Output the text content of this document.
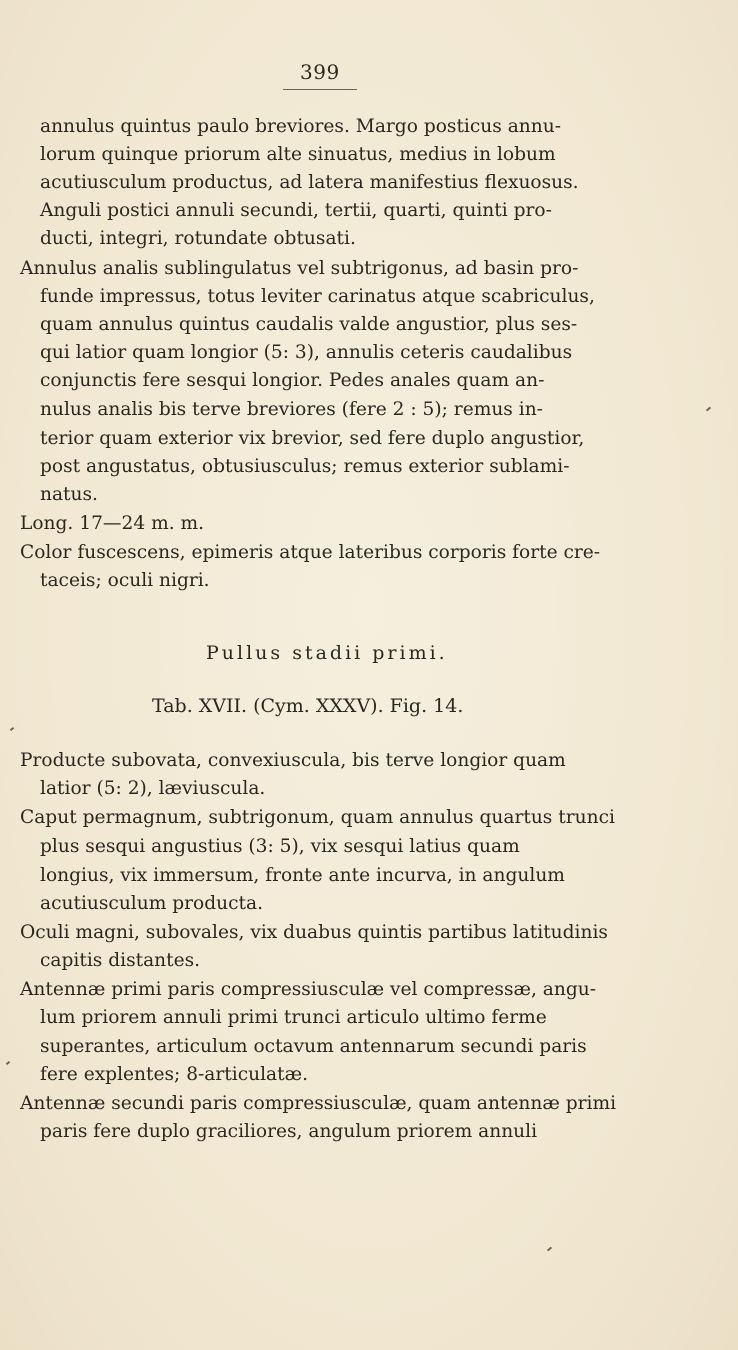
399
annulus quintus paulo breviores. Margo posticus annu-
lorum quinque priorum alte sinuatus, medius in lobum
acutiusculum productus, ad latera manifestius flexuosus.
Anguli postici annuli secundi, tertii, quarti, quinti pro-
ducti, integri, rotundate obtusati.
Annulus analis sublingulatus vel subtrigonus, ad basin pro-
funde impressus, totus leviter carinatus atque scabriculus,
quam annulus quintus caudalis valde angustior, plus ses-
qui latior quam longior (5: 3), annulis ceteris caudalibus
conjunctis fere sesqui longior. Pedes anales quam an-
nulus analis bis terve breviores (fere 2 : 5); remus in-
terior quam exterior vix brevior, sed fere duplo angustior,
post angustatus, obtusiusculus; remus exterior sublami-
natus.
Long. 17—24 m. m.
Color fuscescens, epimeris atque lateribus corporis forte cre-
taceis; oculi nigri.
Pullus stadii primi.
Tab. XVII. (Cym. XXXV). Fig. 14.
Producte subovata, convexiuscula, bis terve longior quam
latior (5: 2), læviuscula.
Caput permagnum, subtrigonum, quam annulus quartus trunci
plus sesqui angustius (3: 5), vix sesqui latius quam
longius, vix immersum, fronte ante incurva, in angulum
acutiusculum producta.
Oculi magni, subovales, vix duabus quintis partibus latitudinis
capitis distantes.
Antennæ primi paris compressiusculæ vel compressæ, angu-
lum priorem annuli primi trunci articulo ultimo ferme
superantes, articulum octavum antennarum secundi paris
fere explentes; 8-articulatæ.
Antennæ secundi paris compressiusculæ, quam antennæ primi
paris fere duplo graciliores, angulum priorem annuli
